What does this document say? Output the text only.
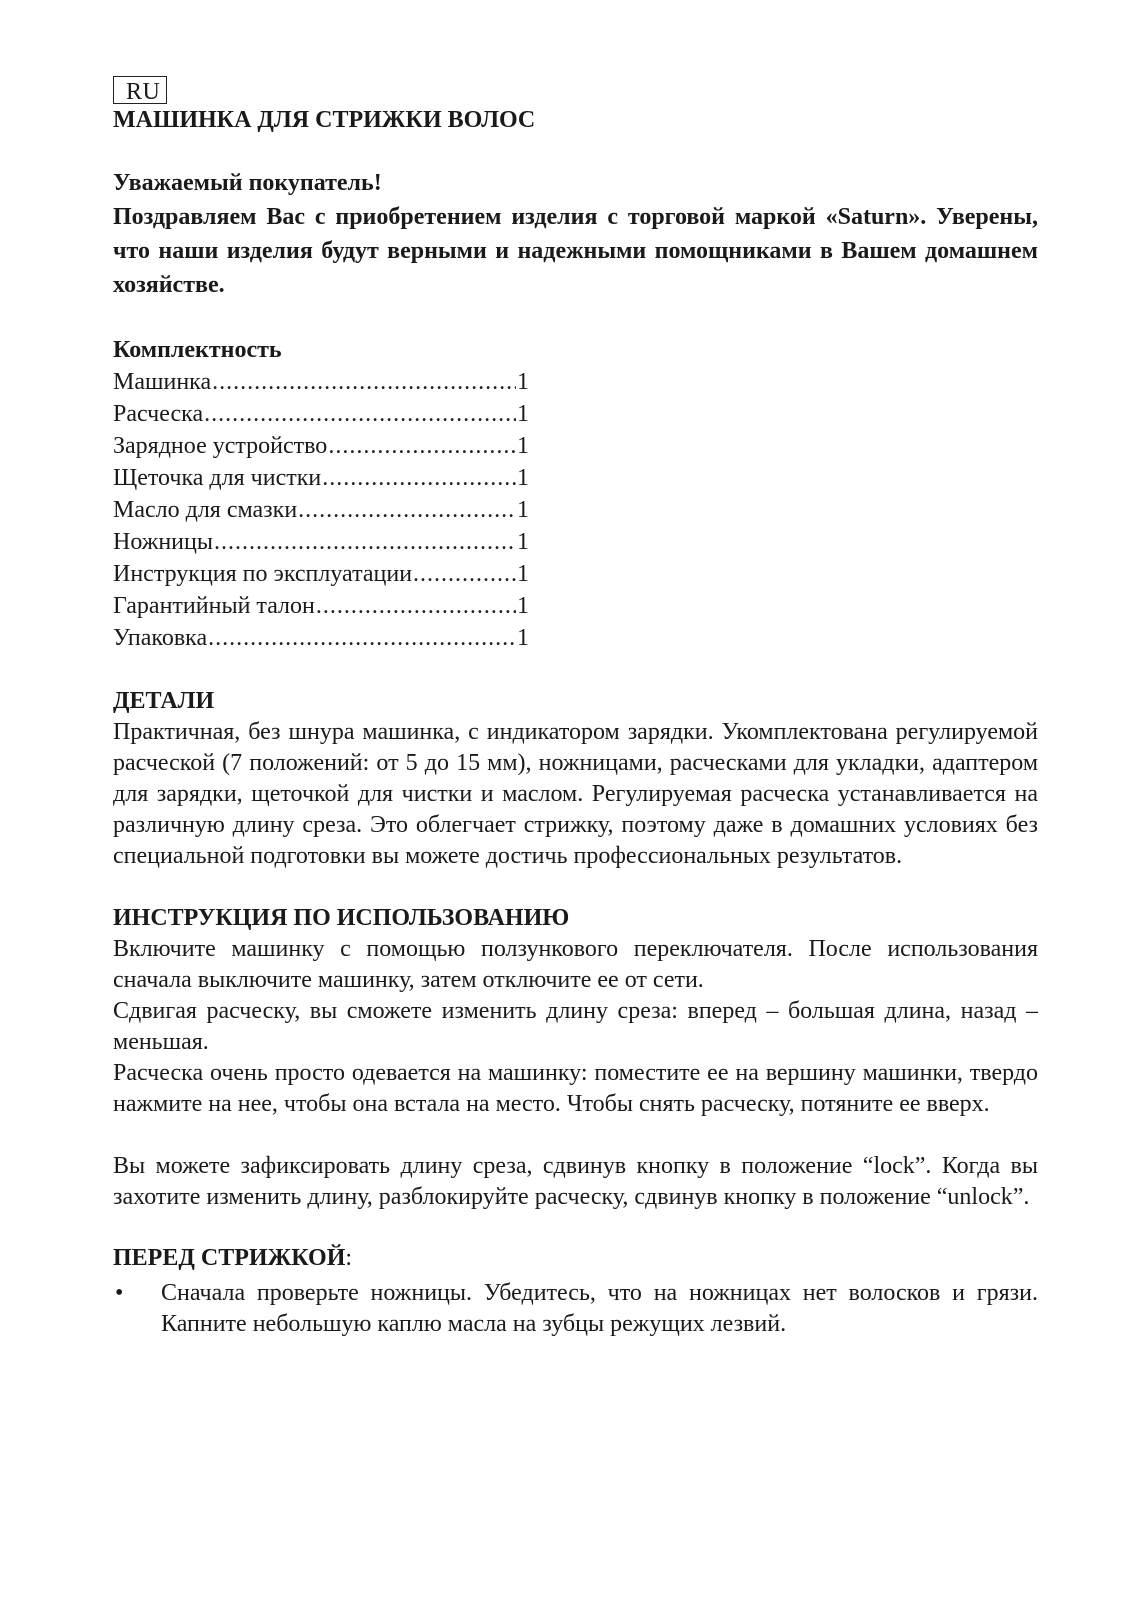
RU
МАШИНКА ДЛЯ СТРИЖКИ ВОЛОС

Уважаемый покупатель!

Поздравляем Вас с приобретением изделия с торговой маркой «Saturn». Уверены, что наши изделия будут верными и надежными помощниками в Вашем домашнем хозяйстве.

Комплектность
Машинка .....	1
Расческа .....	1
Зарядное устройство .....	1
Щеточка для чистки .....	1
Масло для смазки .....	1
Ножницы .....	1
Инструкция по эксплуатации .....	1
Гарантийный талон .....	1
Упаковка .....	1
ДЕТАЛИ

Практичная, без шнура машинка, с индикатором зарядки. Укомплектована регулируемой расческой (7 положений: от 5 до 15 мм), ножницами, расческами для укладки, адаптером для зарядки, щеточкой для чистки и маслом. Регулируемая расческа устанавливается на различную длину среза. Это облегчает стрижку, поэтому даже в домашних условиях без специальной подготовки вы можете достичь профессиональных результатов.

ИНСТРУКЦИЯ ПО ИСПОЛЬЗОВАНИЮ

Включите машинку с помощью ползункового переключателя. После использования сначала выключите машинку, затем отключите ее от сети.

Сдвигая расческу, вы сможете изменить длину среза: вперед – большая длина, назад – меньшая.

Расческа очень просто одевается на машинку: поместите ее на вершину машинки, твердо нажмите на нее, чтобы она встала на место. Чтобы снять расческу, потяните ее вверх.

Вы можете зафиксировать длину среза, сдвинув кнопку в положение “lock”. Когда вы захотите изменить длину, разблокируйте расческу, сдвинув кнопку в положение “unlock”.

ПЕРЕД СТРИЖКОЙ:
•	Сначала проверьте ножницы. Убедитесь, что на ножницах нет волосков и грязи. Капните небольшую каплю масла на зубцы режущих лезвий.
